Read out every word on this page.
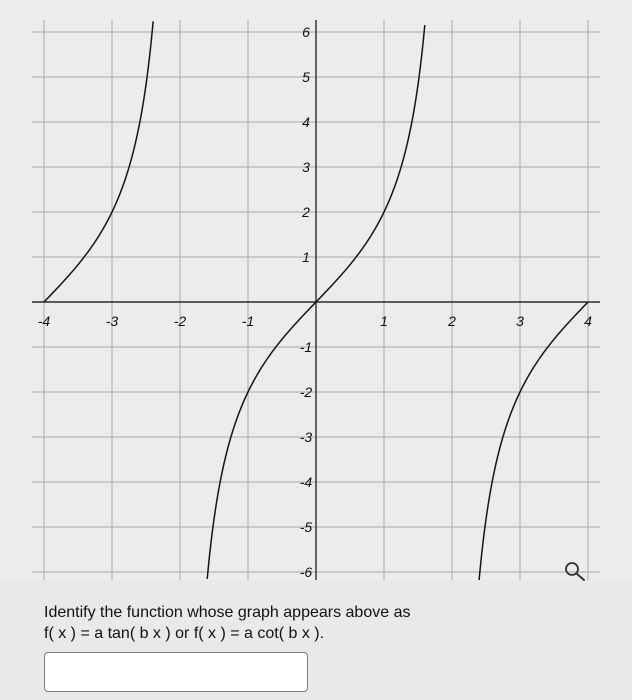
-4	-3	-2	-1	1	2	3	4
6
5
4
3
2
1
-1
-2
-3
-4
-5
-6
Identify the function whose graph appears above as
f( x ) = a tan( b x ) or f( x ) = a cot( b x ).
